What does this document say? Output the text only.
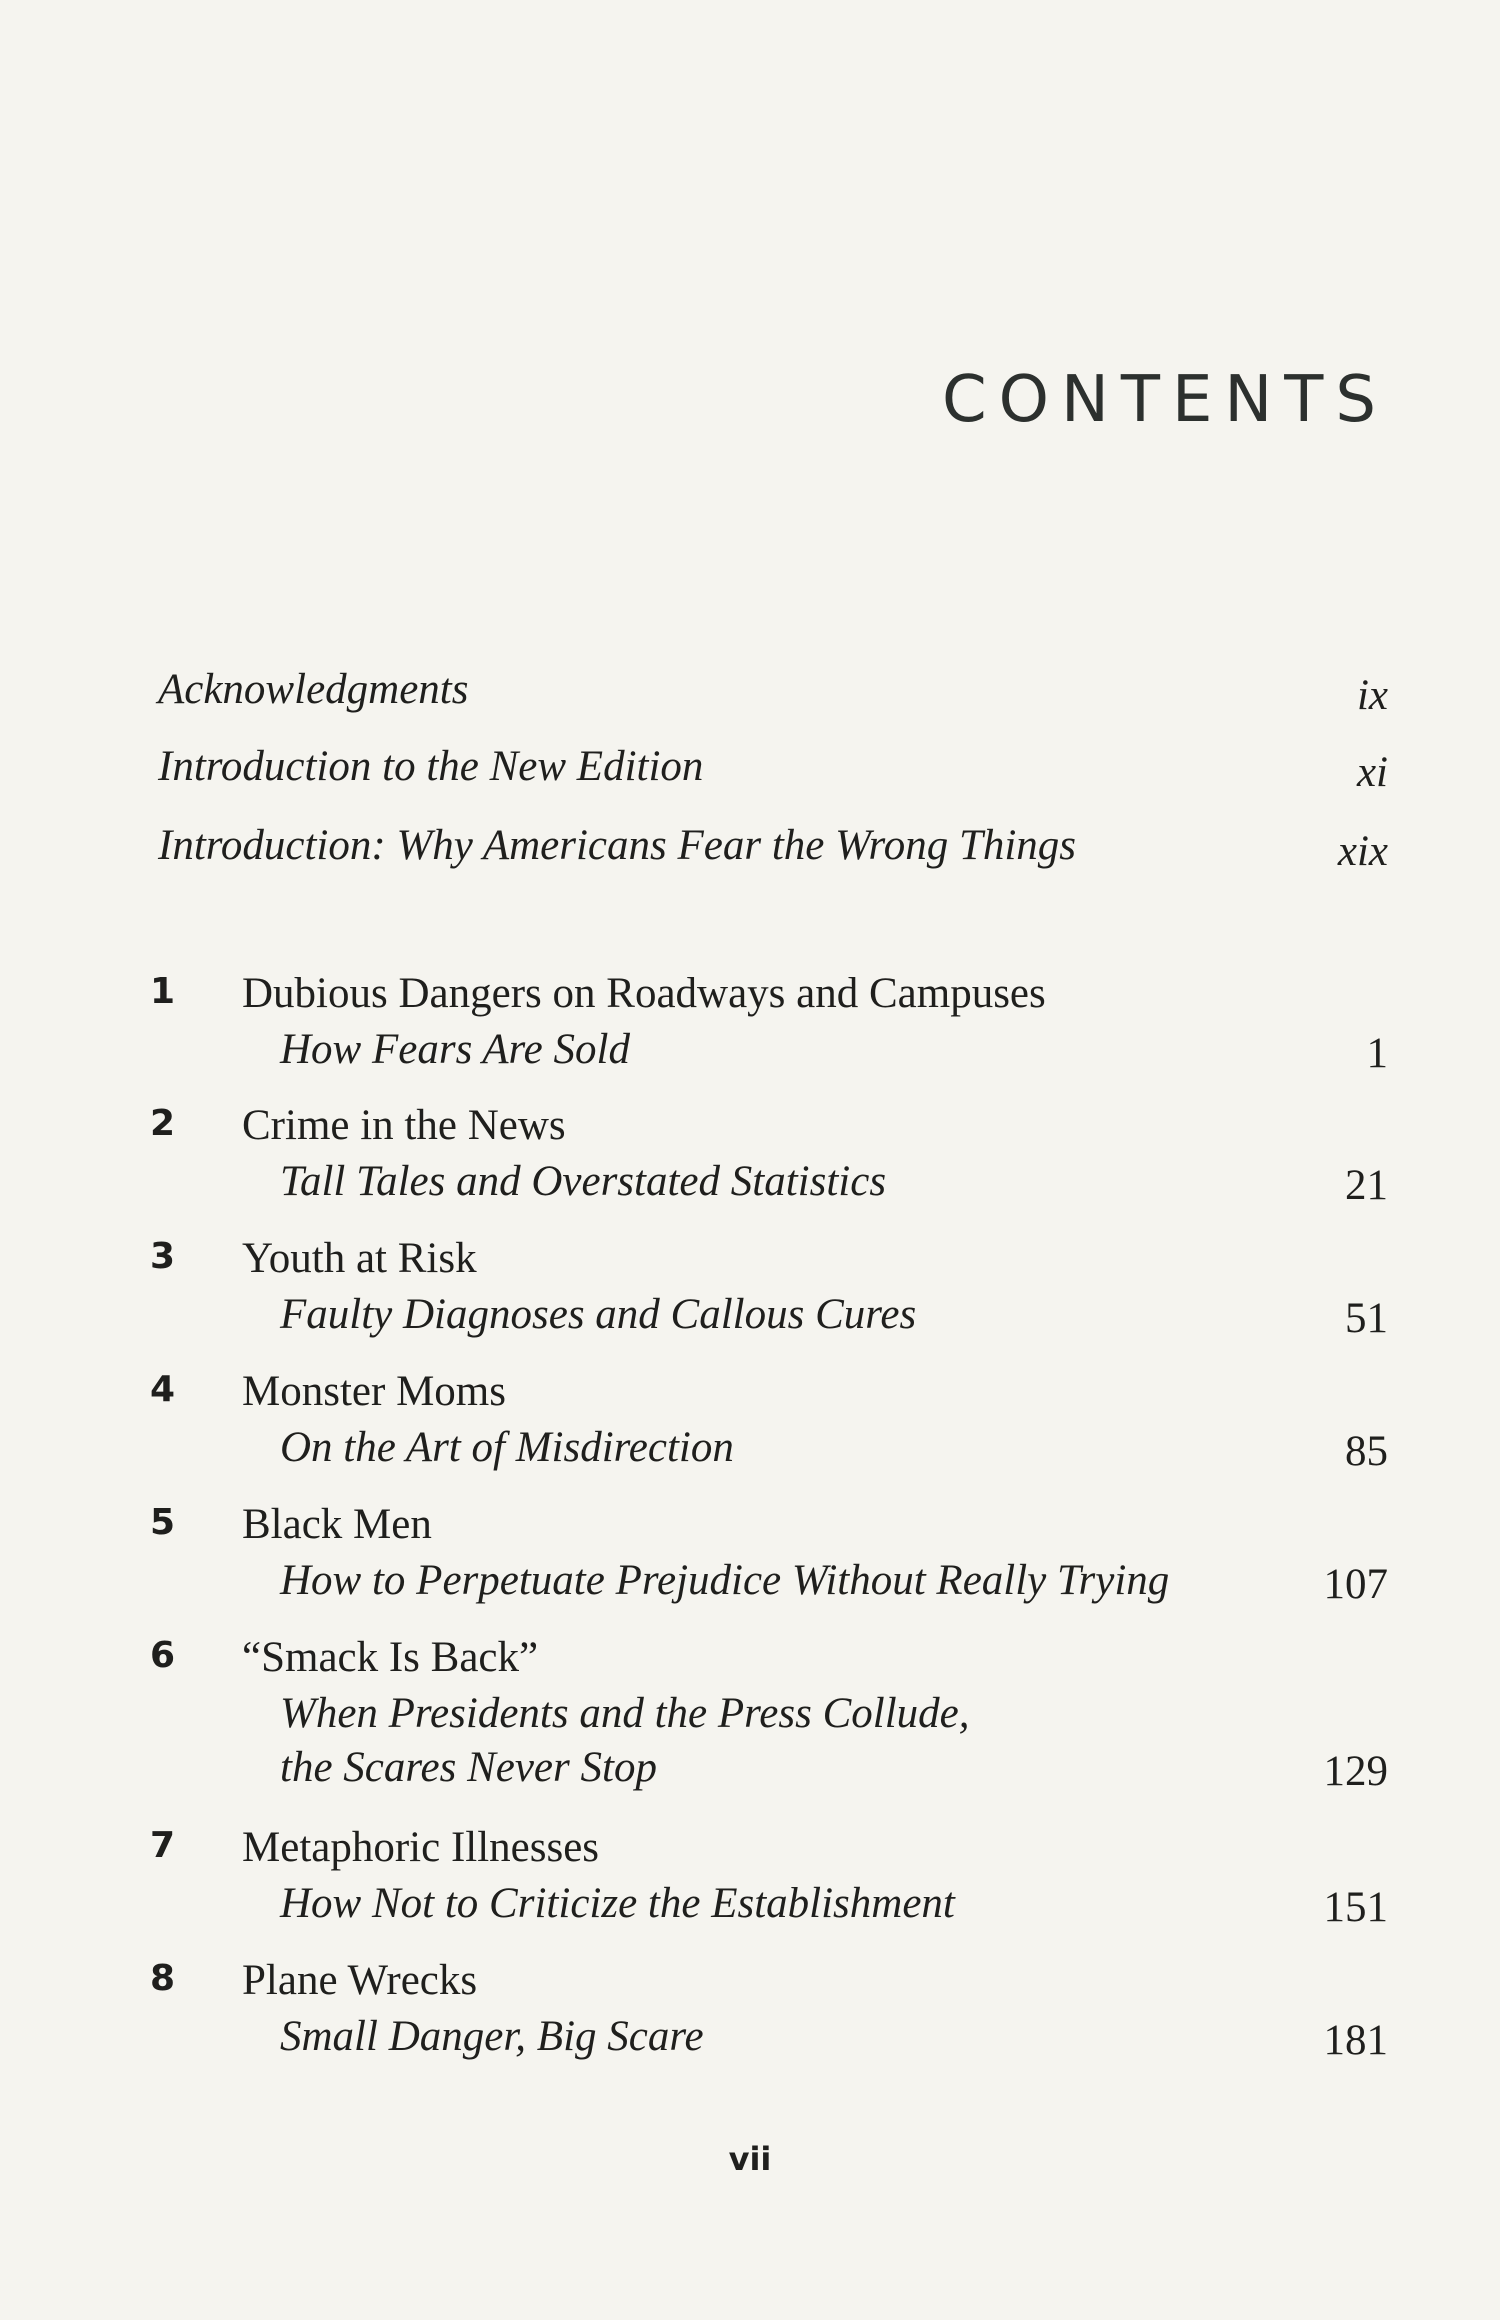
CONTENTS
Acknowledgments	ix
Introduction to the New Edition	xi
Introduction: Why Americans Fear the Wrong Things	xix
1 Dubious Dangers on Roadways and Campuses
How Fears Are Sold	1
2 Crime in the News
Tall Tales and Overstated Statistics	21
3 Youth at Risk
Faulty Diagnoses and Callous Cures	51
4 Monster Moms
On the Art of Misdirection	85
5 Black Men
How to Perpetuate Prejudice Without Really Trying	107
6 “Smack Is Back”
When Presidents and the Press Collude,
the Scares Never Stop	129
7 Metaphoric Illnesses
How Not to Criticize the Establishment	151
8 Plane Wrecks
Small Danger, Big Scare	181
vii
